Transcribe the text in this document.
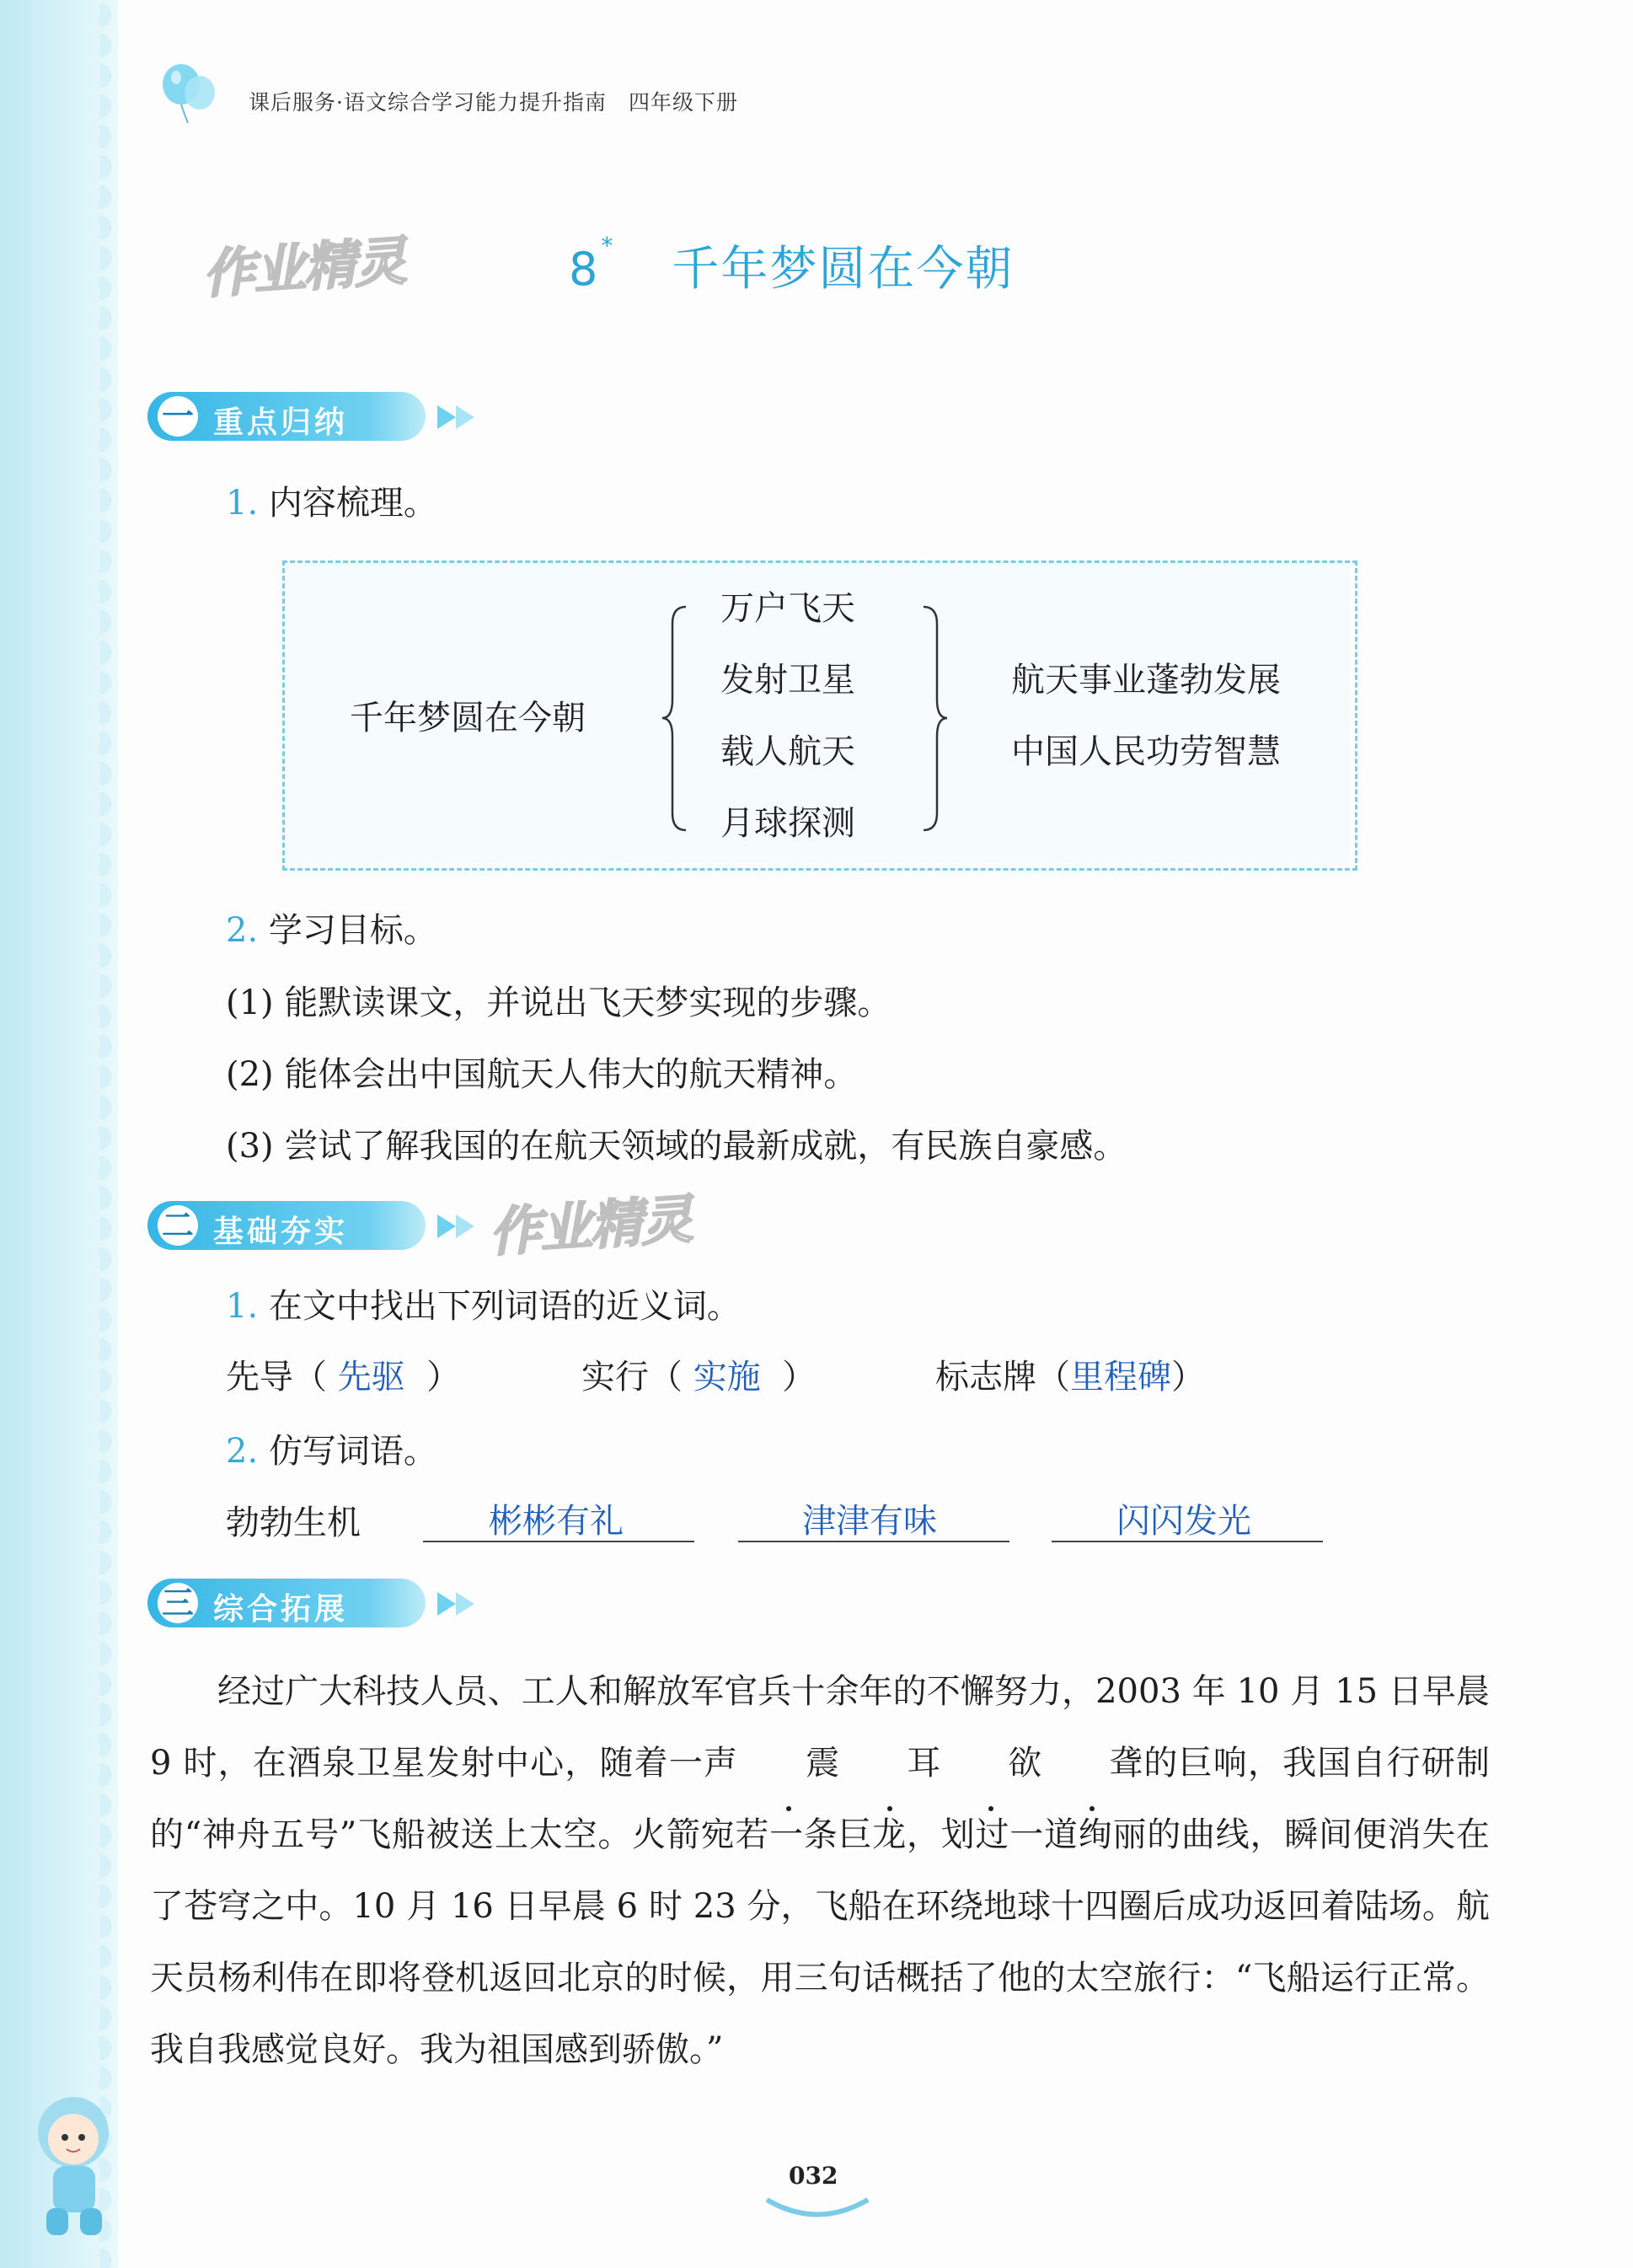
课后服务·语文综合学习能力提升指南　四年级下册
作业精灵	8 * 千年梦圆在今朝
一 重点归纳
1. 内容梳理。
千年梦圆在今朝
万户飞天
发射卫星
载人航天
月球探测
航天事业蓬勃发展
中国人民功劳智慧
2. 学习目标。
(1) 能默读课文，并说出飞天梦实现的步骤。
(2) 能体会出中国航天人伟大的航天精神。
(3) 尝试了解我国的在航天领域的最新成就，有民族自豪感。
二 基础夯实	作业精灵
1. 在文中找出下列词语的近义词。
先导（ 先驱  ）	实行（ 实施  ）	标志牌（里程碑）
2. 仿写词语。
勃勃生机	彬彬有礼	津津有味	闪闪发光
三 综合拓展

经过广大科技人员、工人和解放军官兵十余年的不懈努力，2003 年 10 月 15 日早晨 9 时，在酒泉卫星发射中心，随着一声 震 耳 欲 聋的巨响，我国自行研制的“神舟五号”飞船被送上太空。火箭宛若一条巨龙，划过一道绚丽的曲线，瞬间便消失在了苍穹之中。10 月 16 日早晨 6 时 23 分，飞船在环绕地球十四圈后成功返回着陆场。航天员杨利伟在即将登机返回北京的时候，用三句话概括了他的太空旅行：“飞船运行正常。我自我感觉良好。我为祖国感到骄傲。”

032
